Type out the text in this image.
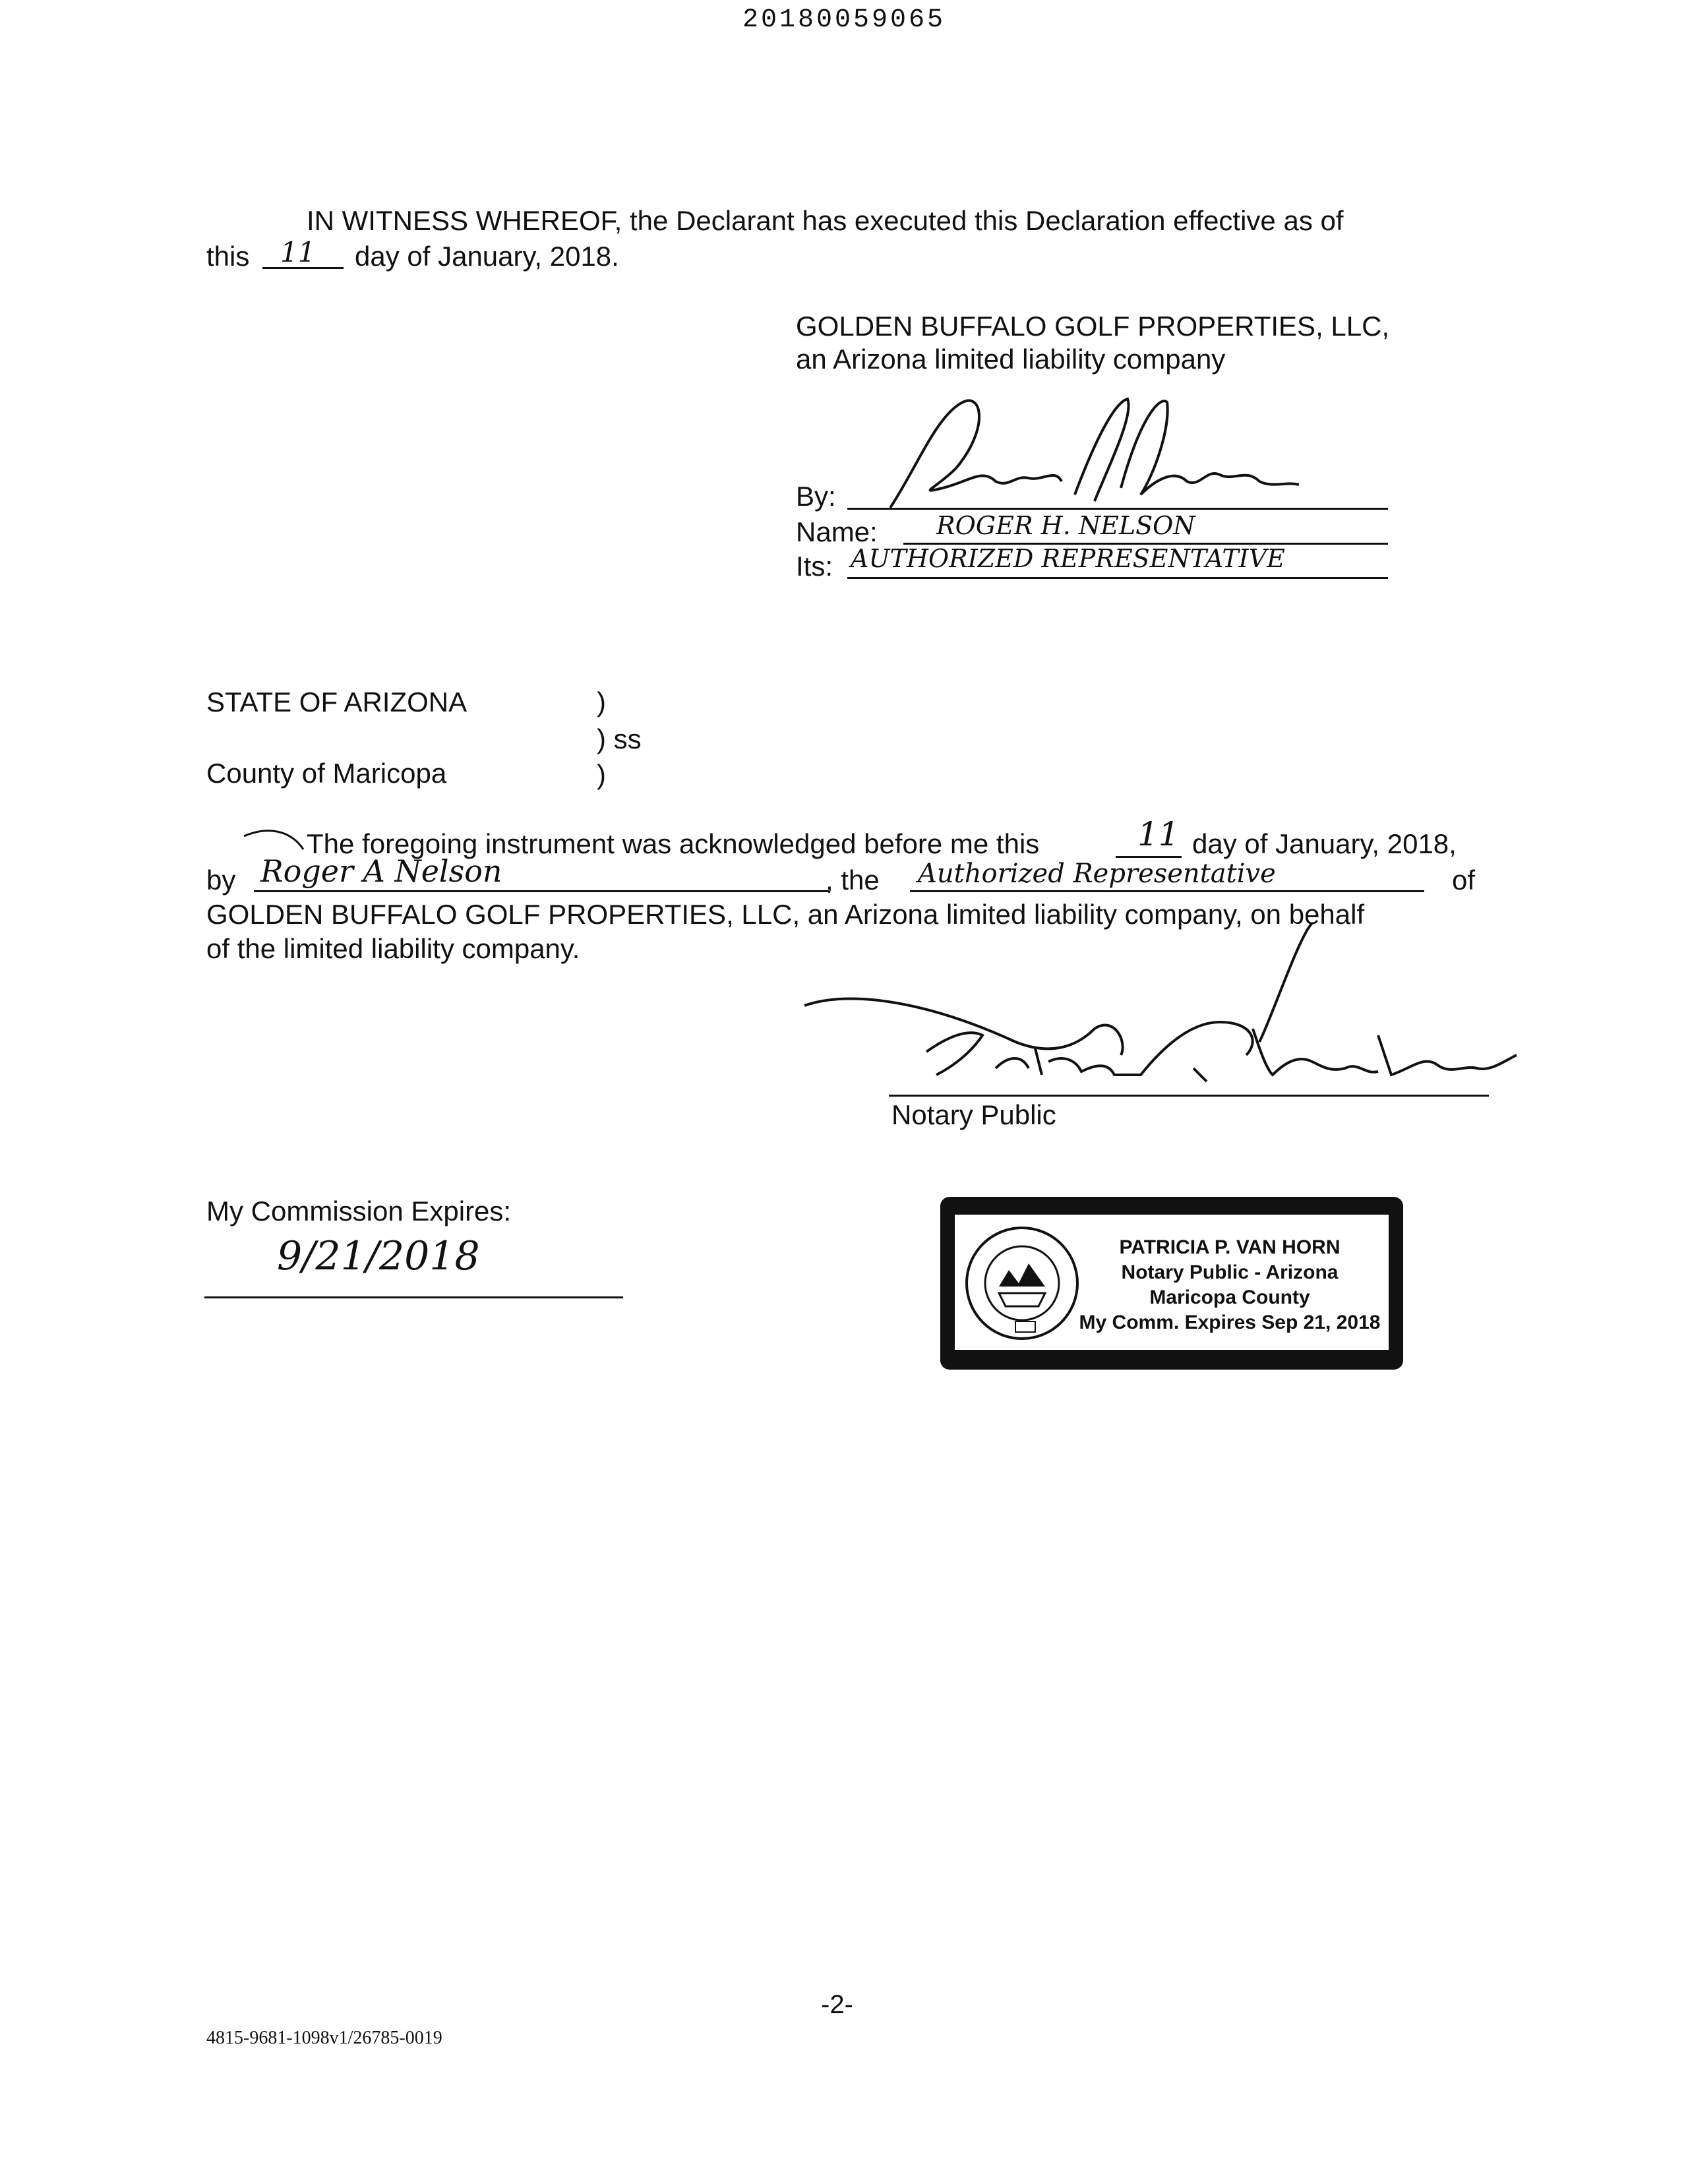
20180059065
IN WITNESS WHEREOF, the Declarant has executed this Declaration effective as of
this 11 day of January, 2018.
GOLDEN BUFFALO GOLF PROPERTIES, LLC,
an Arizona limited liability company
By:
Name: ROGER H. NELSON
Its: AUTHORIZED REPRESENTATIVE
STATE OF ARIZONA	)
) ss
County of Maricopa	)
The foregoing instrument was acknowledged before me this	11 day of January, 2018,
by Roger A Nelson	, the Authorized Representative	of
GOLDEN BUFFALO GOLF PROPERTIES, LLC, an Arizona limited liability company, on behalf
of the limited liability company.
Notary Public
My Commission Expires:
9/21/2018	PATRICIA P. VAN HORN
Notary Public - Arizona
Maricopa County
My Comm. Expires Sep 21, 2018
-2-
4815-9681-1098v1/26785-0019
